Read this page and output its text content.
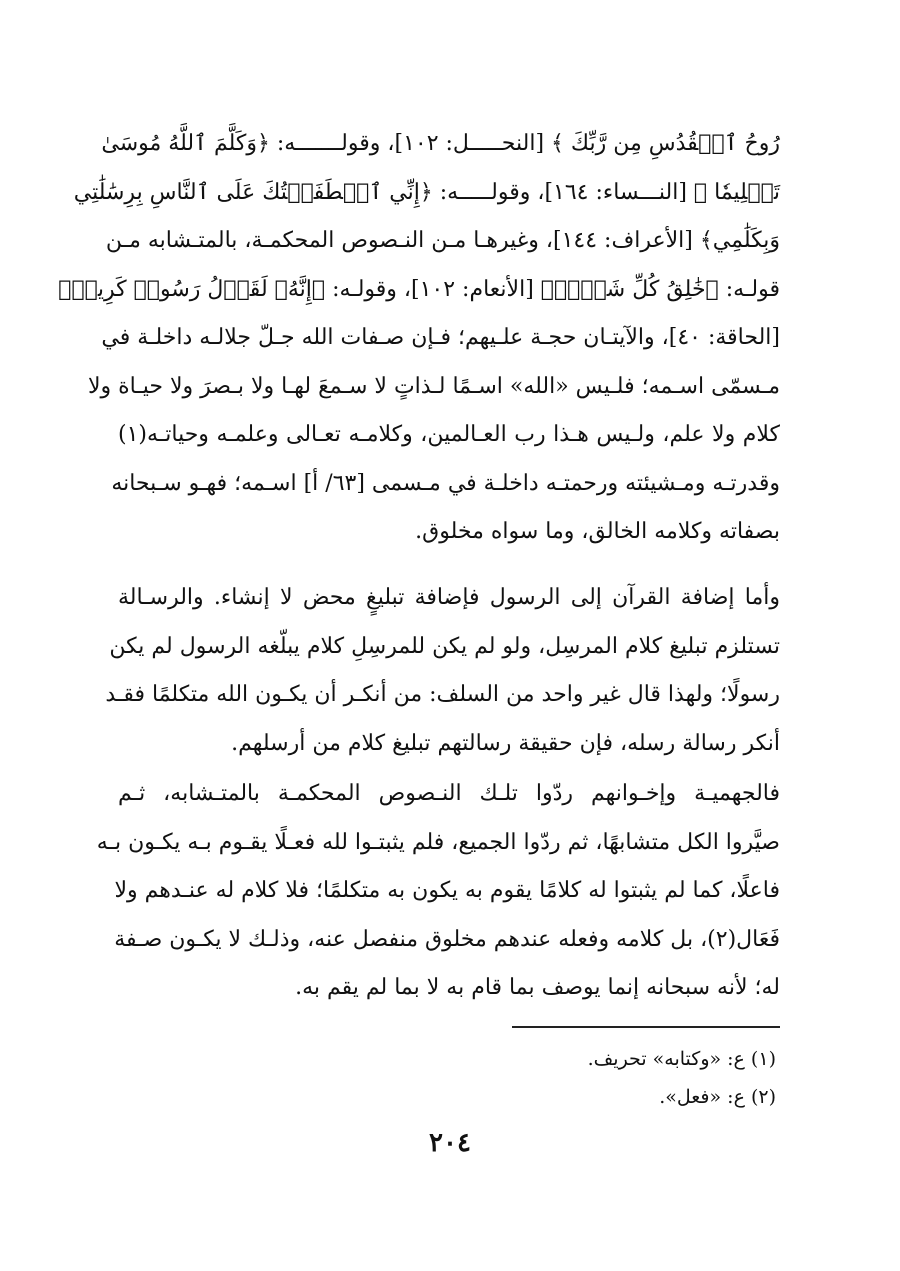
رُوحُ ٱلۡقُدُسِ مِن رَّبِّكَ ﴾ [النحـــــل: ١٠٢]، وقولـــــــه: ﴿وَكَلَّمَ ٱللَّهُ مُوسَىٰ
تَكۡلِيمٗا ﴾ [النـــساء: ١٦٤]، وقولـــــه: ﴿إِنِّي ٱصۡطَفَيۡتُكَ عَلَى ٱلنَّاسِ بِرِسَٰلَٰتِي
وَبِكَلَٰمِي﴾ [الأعراف: ١٤٤]، وغيرهـا مـن النـصوص المحكمـة، بالمتـشابه مـن
قولـه: ﴿خَٰلِقُ كُلِّ شَيۡءٖ﴾ [الأنعام: ١٠٢]، وقولـه: ﴿إِنَّهُۥ لَقَوۡلُ رَسُولٖ كَرِيمٖ﴾
[الحاقة: ٤٠]، والآيتـان حجـة علـيهم؛ فـإن صـفات الله جـلّ جلالـه داخلـة في
مـسمّى اسـمه؛ فلـيس «الله» اسـمًا لـذاتٍ لا سـمعَ لهـا ولا بـصرَ ولا حيـاة ولا
كلام ولا علم، ولـيس هـذا رب العـالمين، وكلامـه تعـالى وعلمـه وحياتـه(١)
وقدرتـه ومـشيئته ورحمتـه داخلـة في مـسمى [٦٣/ أ] اسـمه؛ فهـو سـبحانه
بصفاته وكلامه الخالق، وما سواه مخلوق.
وأما إضافة القرآن إلى الرسول فإضافة تبليغٍ محض لا إنشاء. والرسـالة
تستلزم تبليغ كلام المرسِل، ولو لم يكن للمرسِلِ كلام يبلّغه الرسول لم يكن
رسولًا؛ ولهذا قال غير واحد من السلف: من أنكـر أن يكـون الله متكلمًا فقـد
أنكر رسالة رسله، فإن حقيقة رسالتهم تبليغ كلام من أرسلهم.
فالجهميـة وإخـوانهم ردّوا تلـك النـصوص المحكمـة بالمتـشابه، ثـم
صيَّروا الكل متشابهًا، ثم ردّوا الجميع، فلم يثبتـوا لله فعـلًا يقـوم بـه يكـون بـه
فاعلًا، كما لم يثبتوا له كلامًا يقوم به يكون به متكلمًا؛ فلا كلام له عنـدهم ولا
فَعَال(٢)، بل كلامه وفعله عندهم مخلوق منفصل عنه، وذلـك لا يكـون صـفة
له؛ لأنه سبحانه إنما يوصف بما قام به لا بما لم يقم به.
(١) ع: «وكتابه» تحريف.
(٢) ع: «فعل».
٢٠٤
